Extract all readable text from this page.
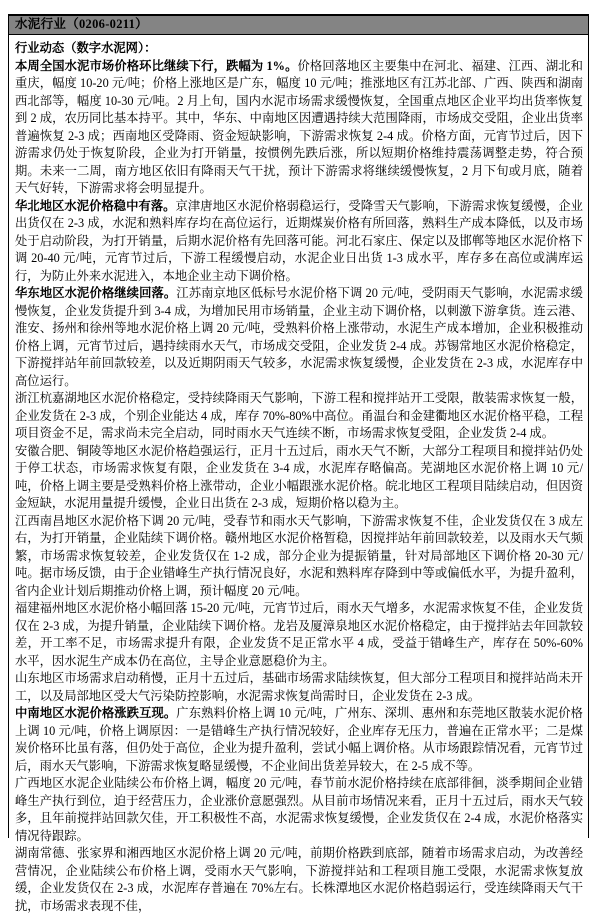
水泥行业（0206-0211）

行业动态（数字水泥网）：

本周全国水泥市场价格环比继续下行，跌幅为 1%。价格回落地区主要集中在河北、福建、江西、湖北和重庆，幅度 10-20 元/吨；价格上涨地区是广东，幅度 10 元/吨；推涨地区有江苏北部、广西、陕西和湖南西北部等，幅度 10-30 元/吨。2 月上旬，国内水泥市场需求缓慢恢复，全国重点地区企业平均出货率恢复到 2 成，农历同比基本持平。其中，华东、中南地区因遭遇持续大范围降雨，市场成交受阻，企业出货率普遍恢复 2-3 成；西南地区受降雨、资金短缺影响，下游需求恢复 2-4 成。价格方面，元宵节过后，因下游需求仍处于恢复阶段，企业为打开销量，按惯例先跌后涨，所以短期价格维持震荡调整走势，符合预期。未来一二周，南方地区依旧有降雨天气干扰，预计下游需求将继续缓慢恢复，2 月下旬或月底，随着天气好转，下游需求将会明显提升。

华北地区水泥价格稳中有落。京津唐地区水泥价格弱稳运行，受降雪天气影响，下游需求恢复缓慢，企业出货仅在 2-3 成，水泥和熟料库存均在高位运行，近期煤炭价格有所回落，熟料生产成本降低，以及市场处于启动阶段，为打开销量，后期水泥价格有先回落可能。河北石家庄、保定以及邯郸等地区水泥价格下调 20-40 元/吨，元宵节过后，下游工程缓慢启动，水泥企业日出货 1-3 成水平，库存多在高位或满库运行，为防止外来水泥进入，本地企业主动下调价格。

华东地区水泥价格继续回落。江苏南京地区低标号水泥价格下调 20 元/吨，受阴雨天气影响，水泥需求缓慢恢复，企业发货提升到 3-4 成，为增加民用市场销量，企业主动下调价格，以刺激下游拿货。连云港、淮安、扬州和徐州等地水泥价格上调 20 元/吨，受熟料价格上涨带动，水泥生产成本增加，企业积极推动价格上调，元宵节过后，遇持续雨水天气，市场成交受阻，企业发货 2-4 成。苏锡常地区水泥价格稳定，下游搅拌站年前回款较差，以及近期阴雨天气较多，水泥需求恢复缓慢，企业发货在 2-3 成，水泥库存中高位运行。

浙江杭嘉湖地区水泥价格稳定，受持续降雨天气影响，下游工程和搅拌站开工受限，散装需求恢复一般，企业发货在 2-3 成，个别企业能达 4 成，库存 70%-80%中高位。甬温台和金建衢地区水泥价格平稳，工程项目资金不足，需求尚未完全启动，同时雨水天气连续不断，市场需求恢复受阻，企业发货 2-4 成。

安徽合肥、铜陵等地区水泥价格趋强运行，正月十五过后，雨水天气不断，大部分工程项目和搅拌站仍处于停工状态，市场需求恢复有限，企业发货在 3-4 成，水泥库存略偏高。芜湖地区水泥价格上调 10 元/吨，价格上调主要是受熟料价格上涨带动，企业小幅跟涨水泥价格。皖北地区工程项目陆续启动，但因资金短缺，水泥用量提升缓慢，企业日出货在 2-3 成，短期价格以稳为主。

江西南昌地区水泥价格下调 20 元/吨，受春节和雨水天气影响，下游需求恢复不佳，企业发货仅在 3 成左右，为打开销量，企业陆续下调价格。赣州地区水泥价格暂稳，因搅拌站年前回款较差，以及雨水天气频繁，市场需求恢复较差，企业发货仅在 1-2 成，部分企业为提振销量，针对局部地区下调价格 20-30 元/吨。据市场反馈，由于企业错峰生产执行情况良好，水泥和熟料库存降到中等或偏低水平，为提升盈利，省内企业计划后期推动价格上调，预计幅度 20 元/吨。

福建福州地区水泥价格小幅回落 15-20 元/吨，元宵节过后，雨水天气增多，水泥需求恢复不佳，企业发货仅在 2-3 成，为提升销量，企业陆续下调价格。龙岩及厦漳泉地区水泥价格稳定，由于搅拌站去年回款较差，开工率不足，市场需求提升有限，企业发货不足正常水平 4 成，受益于错峰生产，库存在 50%-60%水平，因水泥生产成本仍在高位，主导企业意愿稳价为主。

山东地区市场需求启动稍慢，正月十五过后，基础市场需求陆续恢复，但大部分工程项目和搅拌站尚未开工，以及局部地区受大气污染防控影响，水泥需求恢复尚需时日，企业发货在 2-3 成。

中南地区水泥价格涨跌互现。广东熟料价格上调 10 元/吨，广州东、深圳、惠州和东莞地区散装水泥价格上调 10 元/吨，价格上调原因：一是错峰生产执行情况较好，企业库存无压力，普遍在正常水平；二是煤炭价格环比虽有落，但仍处于高位，企业为提升盈利，尝试小幅上调价格。从市场跟踪情况看，元宵节过后，雨水天气影响，下游需求恢复略显缓慢，不企业间出货差异较大，在 2-5 成不等。

广西地区水泥企业陆续公布价格上调，幅度 20 元/吨，春节前水泥价格持续在底部徘徊，淡季期间企业错峰生产执行到位，迫于经营压力，企业涨价意愿强烈。从目前市场情况来看，正月十五过后，雨水天气较多，且年前搅拌站回款欠佳，开工积极性不高，水泥需求恢复缓慢，企业发货仅在 2-4 成，水泥价格落实情况待跟踪。

湖南常德、张家界和湘西地区水泥价格上调 20 元/吨，前期价格跌到底部，随着市场需求启动，为改善经营情况，企业陆续公布价格上调，受雨水天气影响，下游搅拌站和工程项目施工受限，水泥需求恢复放缓，企业发货仅在 2-3 成，水泥库存普遍在 70%左右。长株潭地区水泥价格趋弱运行，受连续降雨天气干扰，市场需求表现不佳，
